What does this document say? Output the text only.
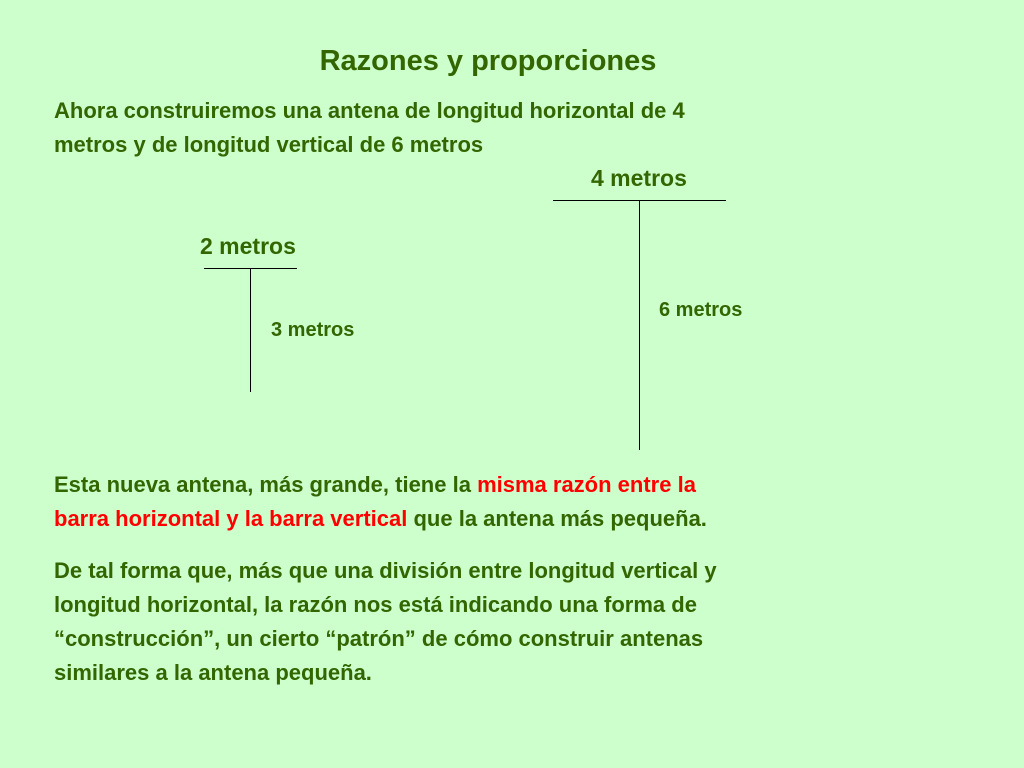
Razones y proporciones

Ahora construiremos una antena de longitud horizontal de 4
metros y de longitud vertical de 6 metros

2 metros
3 metros
4 metros
6 metros

Esta nueva antena, más grande, tiene la misma razón entre la
barra horizontal y la barra vertical que la antena más pequeña.

De tal forma que, más que una división entre longitud vertical y
longitud horizontal, la razón nos está indicando una forma de
“construcción”, un cierto “patrón” de cómo construir antenas
similares a la antena pequeña.
